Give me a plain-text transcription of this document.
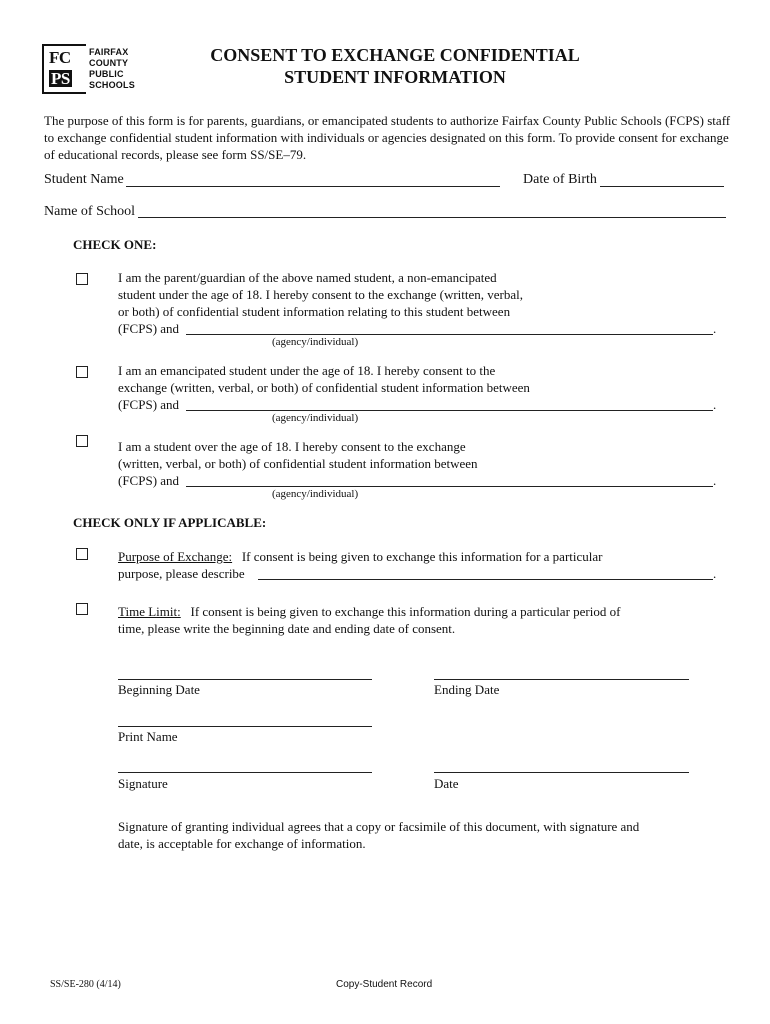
FC
PS
FAIRFAX
COUNTY
PUBLIC
SCHOOLS
CONSENT TO EXCHANGE CONFIDENTIAL
STUDENT INFORMATION
The purpose of this form is for parents, guardians, or emancipated students to authorize Fairfax County Public Schools (FCPS) staff to exchange confidential student information with individuals or agencies designated on this form. To provide consent for exchange of educational records, please see form SS/SE–79.
Student Name	Date of Birth
Name of School
CHECK ONE:
I am the parent/guardian of the above named student, a non-emancipated
student under the age of 18. I hereby consent to the exchange (written, verbal,
or both) of confidential student information relating to this student between
(FCPS) and	.
(agency/individual)
I am an emancipated student under the age of 18. I hereby consent to the
exchange (written, verbal, or both) of confidential student information between
(FCPS) and	.
(agency/individual)
I am a student over the age of 18. I hereby consent to the exchange
(written, verbal, or both) of confidential student information between
(FCPS) and	.
(agency/individual)
CHECK ONLY IF APPLICABLE:
Purpose of Exchange: If consent is being given to exchange this information for a particular
purpose, please describe	.
Time Limit: If consent is being given to exchange this information during a particular period of
time, please write the beginning date and ending date of consent.
Beginning Date	Ending Date
Print Name
Signature	Date
Signature of granting individual agrees that a copy or facsimile of this document, with signature and
date, is acceptable for exchange of information.
SS/SE-280 (4/14)	Copy-Student Record
